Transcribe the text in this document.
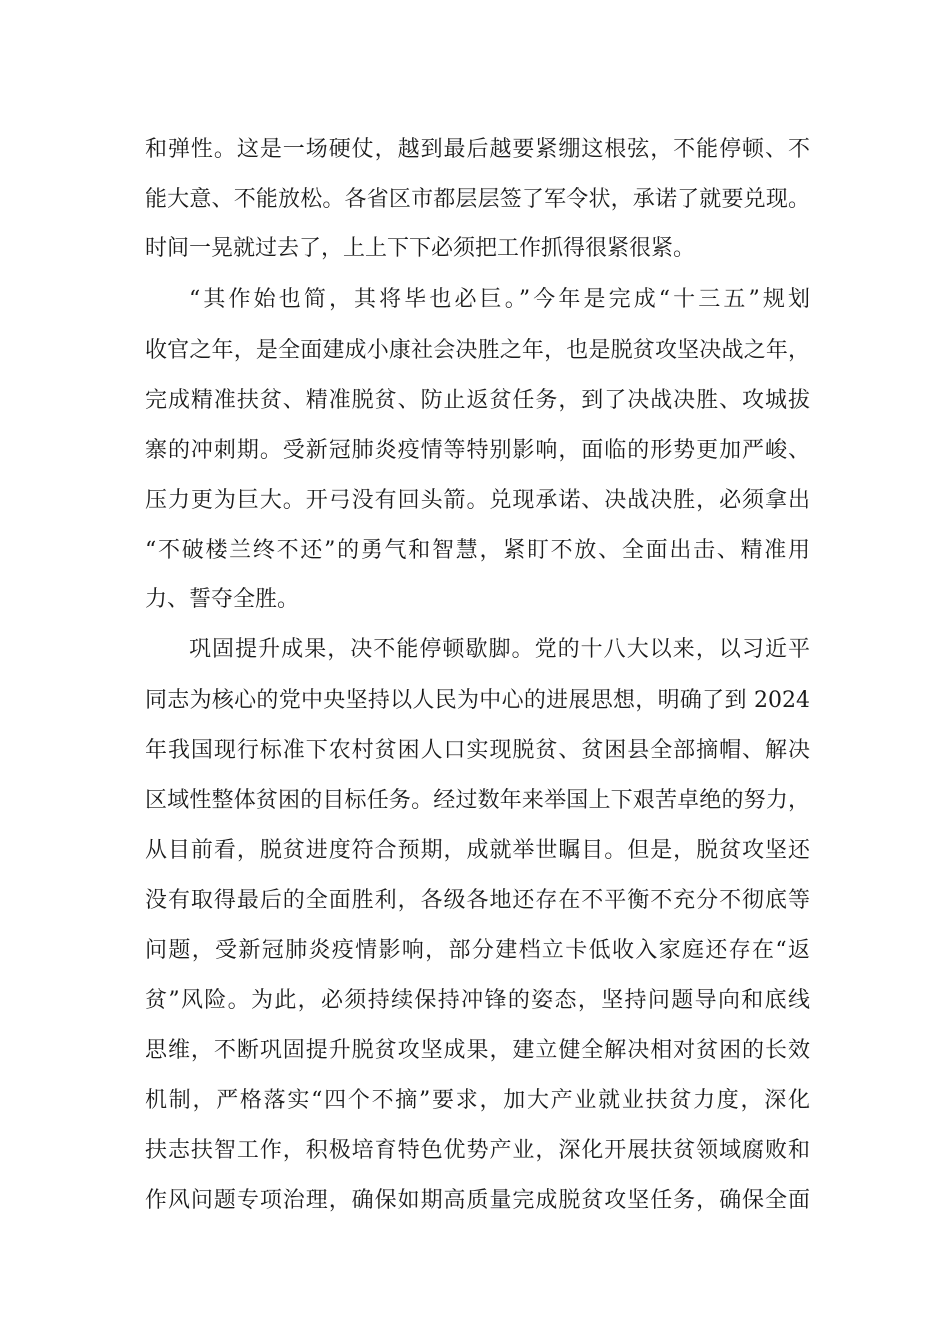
和弹性。这是一场硬仗，越到最后越要紧绷这根弦，不能停顿、不
能大意、不能放松。各省区市都层层签了军令状，承诺了就要兑现。
时间一晃就过去了，上上下下必须把工作抓得很紧很紧。
“其作始也简，其将毕也必巨。”今年是完成“十三五”规划
收官之年，是全面建成小康社会决胜之年，也是脱贫攻坚决战之年，
完成精准扶贫、精准脱贫、防止返贫任务，到了决战决胜、攻城拔
寨的冲刺期。受新冠肺炎疫情等特别影响，面临的形势更加严峻、
压力更为巨大。开弓没有回头箭。兑现承诺、决战决胜，必须拿出
“不破楼兰终不还”的勇气和智慧，紧盯不放、全面出击、精准用
力、誓夺全胜。
巩固提升成果，决不能停顿歇脚。党的十八大以来，以习近平
同志为核心的党中央坚持以人民为中心的进展思想，明确了到 2024
年我国现行标准下农村贫困人口实现脱贫、贫困县全部摘帽、解决
区域性整体贫困的目标任务。经过数年来举国上下艰苦卓绝的努力，
从目前看，脱贫进度符合预期，成就举世瞩目。但是，脱贫攻坚还
没有取得最后的全面胜利，各级各地还存在不平衡不充分不彻底等
问题，受新冠肺炎疫情影响，部分建档立卡低收入家庭还存在“返
贫”风险。为此，必须持续保持冲锋的姿态，坚持问题导向和底线
思维，不断巩固提升脱贫攻坚成果，建立健全解决相对贫困的长效
机制，严格落实“四个不摘”要求，加大产业就业扶贫力度，深化
扶志扶智工作，积极培育特色优势产业，深化开展扶贫领域腐败和
作风问题专项治理，确保如期高质量完成脱贫攻坚任务，确保全面
